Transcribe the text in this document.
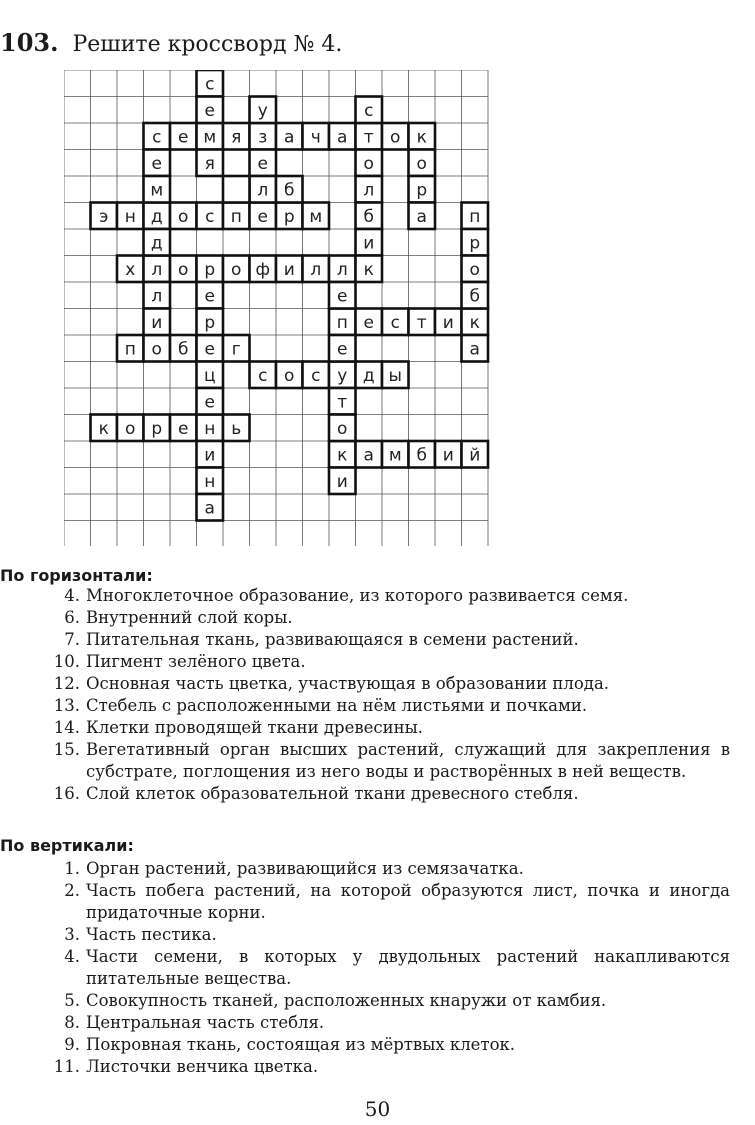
103. Решите кроссворд № 4.
с е м я з а ч а т о к
э н д о с п е р м
х л о р о ф и л л
п е с т и к
п о б е г
с о с у д ы
к о р е н ь
к а м б и й
с
е
я
у
е
л
с
о
л
б
и
к
о
р
а п
р
о
б
а
е
м
д
л
и
е
р
ц
е
и
н
а
е
е
т
о
и
б
По горизонтали:
4. Многоклеточное образование, из которого развивается семя.
6. Внутренний слой коры.
7. Питательная ткань, развивающаяся в семени растений.
10. Пигмент зелёного цвета.
12. Основная часть цветка, участвующая в образовании плода.
13. Стебель с расположенными на нём листьями и почками.
14. Клетки проводящей ткани древесины.
15. Вегетативный орган высших растений, служащий для закрепления в субстрате, поглощения из него воды и растворённых в ней веществ.
16. Слой клеток образовательной ткани древесного стебля.
По вертикали:
1. Орган растений, развивающийся из семязачатка.
2. Часть побега растений, на которой образуются лист, почка и иногда придаточные корни.
3. Часть пестика.
4. Части семени, в которых у двудольных растений накапливаются питательные вещества.
5. Совокупность тканей, расположенных кнаружи от камбия.
8. Центральная часть стебля.
9. Покровная ткань, состоящая из мёртвых клеток.
11. Листочки венчика цветка.
50
